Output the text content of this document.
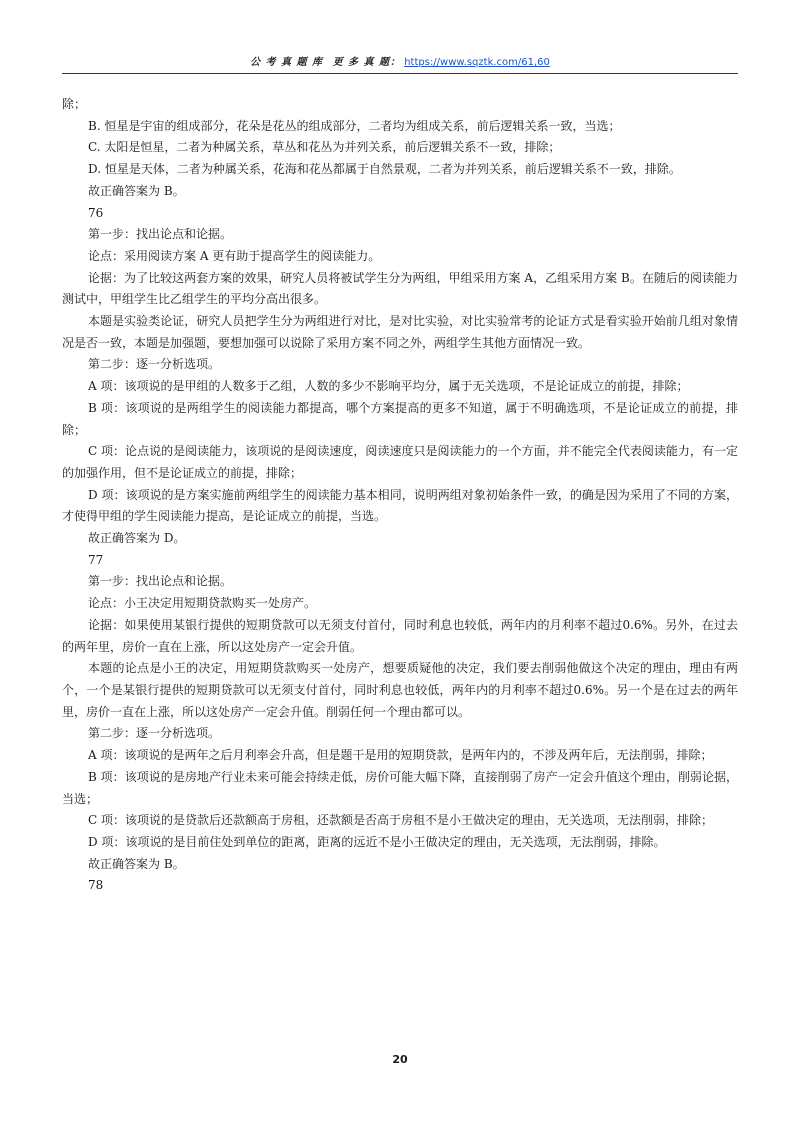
公 考 真 题 库 更 多 真 题： https://www.sqztk.com/61,60

除；

B. 恒星是宇宙的组成部分，花朵是花丛的组成部分，二者均为组成关系，前后逻辑关系一致，当选；

C. 太阳是恒星，二者为种属关系，草丛和花丛为并列关系，前后逻辑关系不一致，排除；

D. 恒星是天体，二者为种属关系，花海和花丛都属于自然景观，二者为并列关系，前后逻辑关系不一致，排除。

故正确答案为 B。

76

第一步：找出论点和论据。

论点：采用阅读方案 A 更有助于提高学生的阅读能力。

论据：为了比较这两套方案的效果，研究人员将被试学生分为两组，甲组采用方案 A，乙组采用方案 B。在随后的阅读能力测试中，甲组学生比乙组学生的平均分高出很多。

本题是实验类论证，研究人员把学生分为两组进行对比，是对比实验，对比实验常考的论证方式是看实验开始前几组对象情况是否一致，本题是加强题，要想加强可以说除了采用方案不同之外，两组学生其他方面情况一致。

第二步：逐一分析选项。

A 项：该项说的是甲组的人数多于乙组，人数的多少不影响平均分，属于无关选项，不是论证成立的前提，排除；

B 项：该项说的是两组学生的阅读能力都提高，哪个方案提高的更多不知道，属于不明确选项，不是论证成立的前提，排除；

C 项：论点说的是阅读能力，该项说的是阅读速度，阅读速度只是阅读能力的一个方面，并不能完全代表阅读能力，有一定的加强作用，但不是论证成立的前提，排除；

D 项：该项说的是方案实施前两组学生的阅读能力基本相同，说明两组对象初始条件一致，的确是因为采用了不同的方案，才使得甲组的学生阅读能力提高，是论证成立的前提，当选。

故正确答案为 D。

77

第一步：找出论点和论据。

论点：小王决定用短期贷款购买一处房产。

论据：如果使用某银行提供的短期贷款可以无须支付首付，同时利息也较低，两年内的月利率不超过0.6%。另外，在过去的两年里，房价一直在上涨，所以这处房产一定会升值。

本题的论点是小王的决定，用短期贷款购买一处房产，想要质疑他的决定，我们要去削弱他做这个决定的理由，理由有两个，一个是某银行提供的短期贷款可以无须支付首付，同时利息也较低，两年内的月利率不超过0.6%。另一个是在过去的两年里，房价一直在上涨，所以这处房产一定会升值。削弱任何一个理由都可以。

第二步：逐一分析选项。

A 项：该项说的是两年之后月利率会升高，但是题干是用的短期贷款，是两年内的，不涉及两年后，无法削弱，排除；

B 项：该项说的是房地产行业未来可能会持续走低，房价可能大幅下降，直接削弱了房产一定会升值这个理由，削弱论据，当选；

C 项：该项说的是贷款后还款额高于房租，还款额是否高于房租不是小王做决定的理由，无关选项，无法削弱，排除；

D 项：该项说的是目前住处到单位的距离，距离的远近不是小王做决定的理由，无关选项，无法削弱，排除。

故正确答案为 B。

78

20
